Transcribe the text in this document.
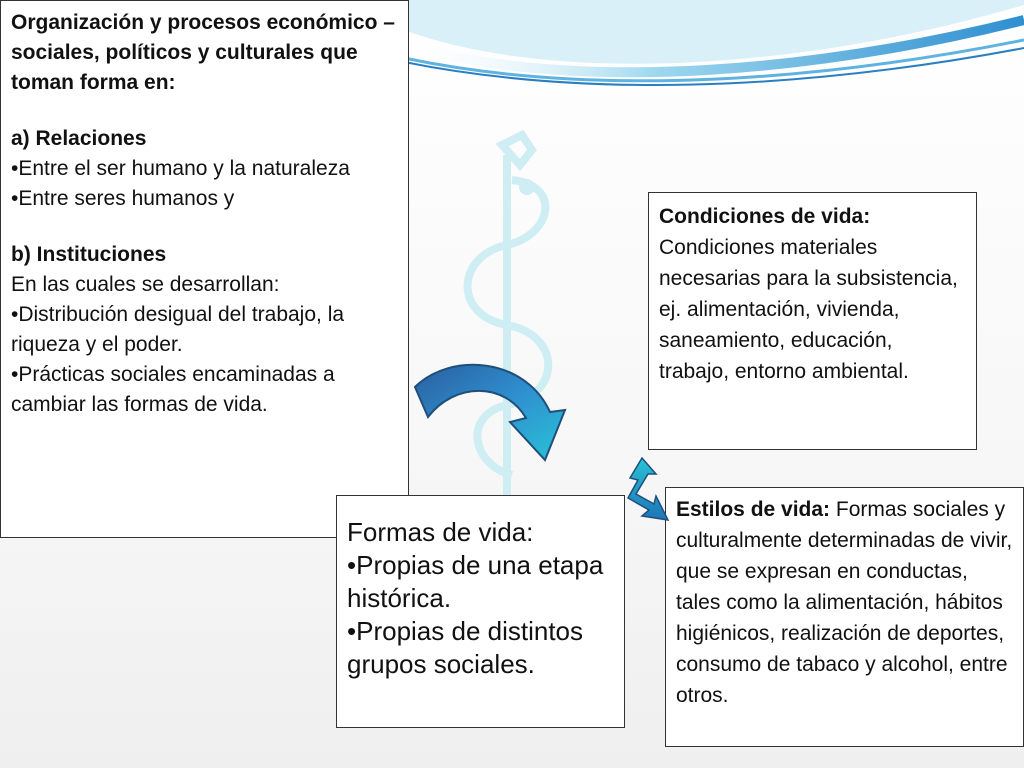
Organización y procesos económico – sociales, políticos y culturales que toman forma en:

a) Relaciones

•Entre el ser humano y la naturaleza

•Entre seres humanos y

b) Instituciones

En las cuales se desarrollan:

•Distribución desigual del trabajo, la riqueza y el poder.

•Prácticas sociales encaminadas a cambiar las formas de vida.

Condiciones de vida:

Condiciones materiales necesarias para la subsistencia, ej. alimentación, vivienda, saneamiento, educación, trabajo, entorno ambiental.

Formas de vida:

•Propias de una etapa histórica.

•Propias de distintos grupos sociales.

Estilos de vida: Formas sociales y culturalmente determinadas de vivir, que se expresan en conductas, tales como la alimentación, hábitos higiénicos, realización de deportes, consumo de tabaco y alcohol, entre otros.
